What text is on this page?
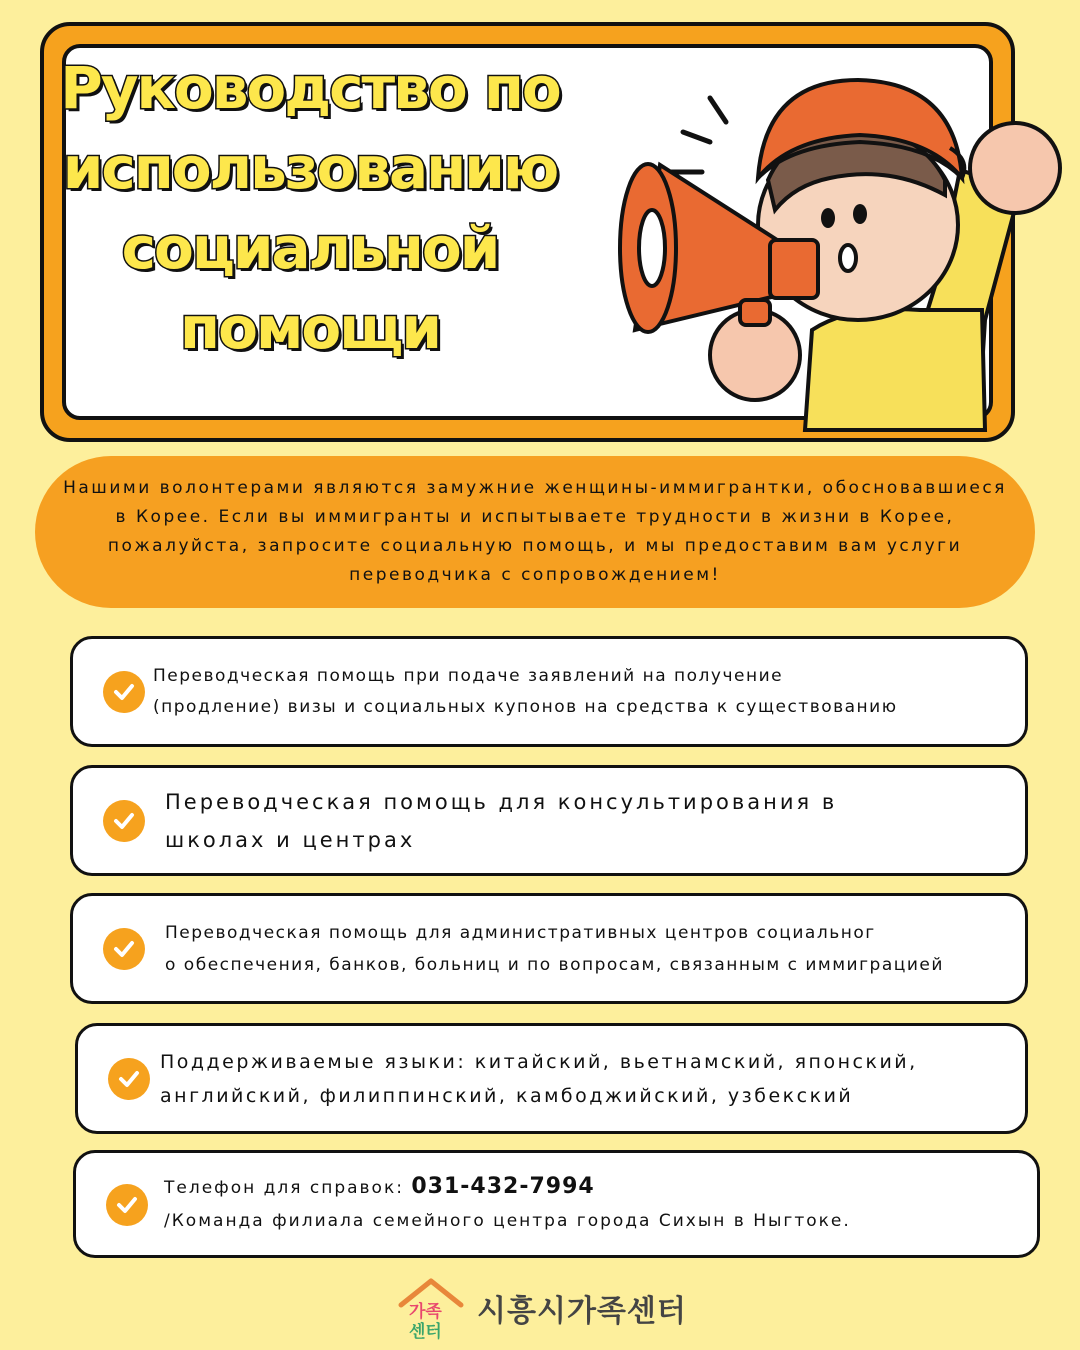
Руководство по
использованию
социальной
помощи

Нашими волонтерами являются замужние женщины-иммигрантки, обосновавшиеся в Корее. Если вы иммигранты и испытываете трудности в жизни в Корее, пожалуйста, запросите социальную помощь, и мы предоставим вам услуги переводчика с сопровождением!

Переводческая помощь при подаче заявлений на получение
(продление) визы и социальных купонов на средства к существованию
Переводческая помощь для консультирования в
школах и центрах
Переводческая помощь для административных центров социальног
о обеспечения, банков, больниц и по вопросам, связанным с иммиграцией
Поддерживаемые языки: китайский, вьетнамский, японский,
английский, филиппинский, камбоджийский, узбекский
Телефон для справок: 031-432-7994
/Команда филиала семейного центра города Сихын в Ныгтоке.
가족
센터
시흥시가족센터
